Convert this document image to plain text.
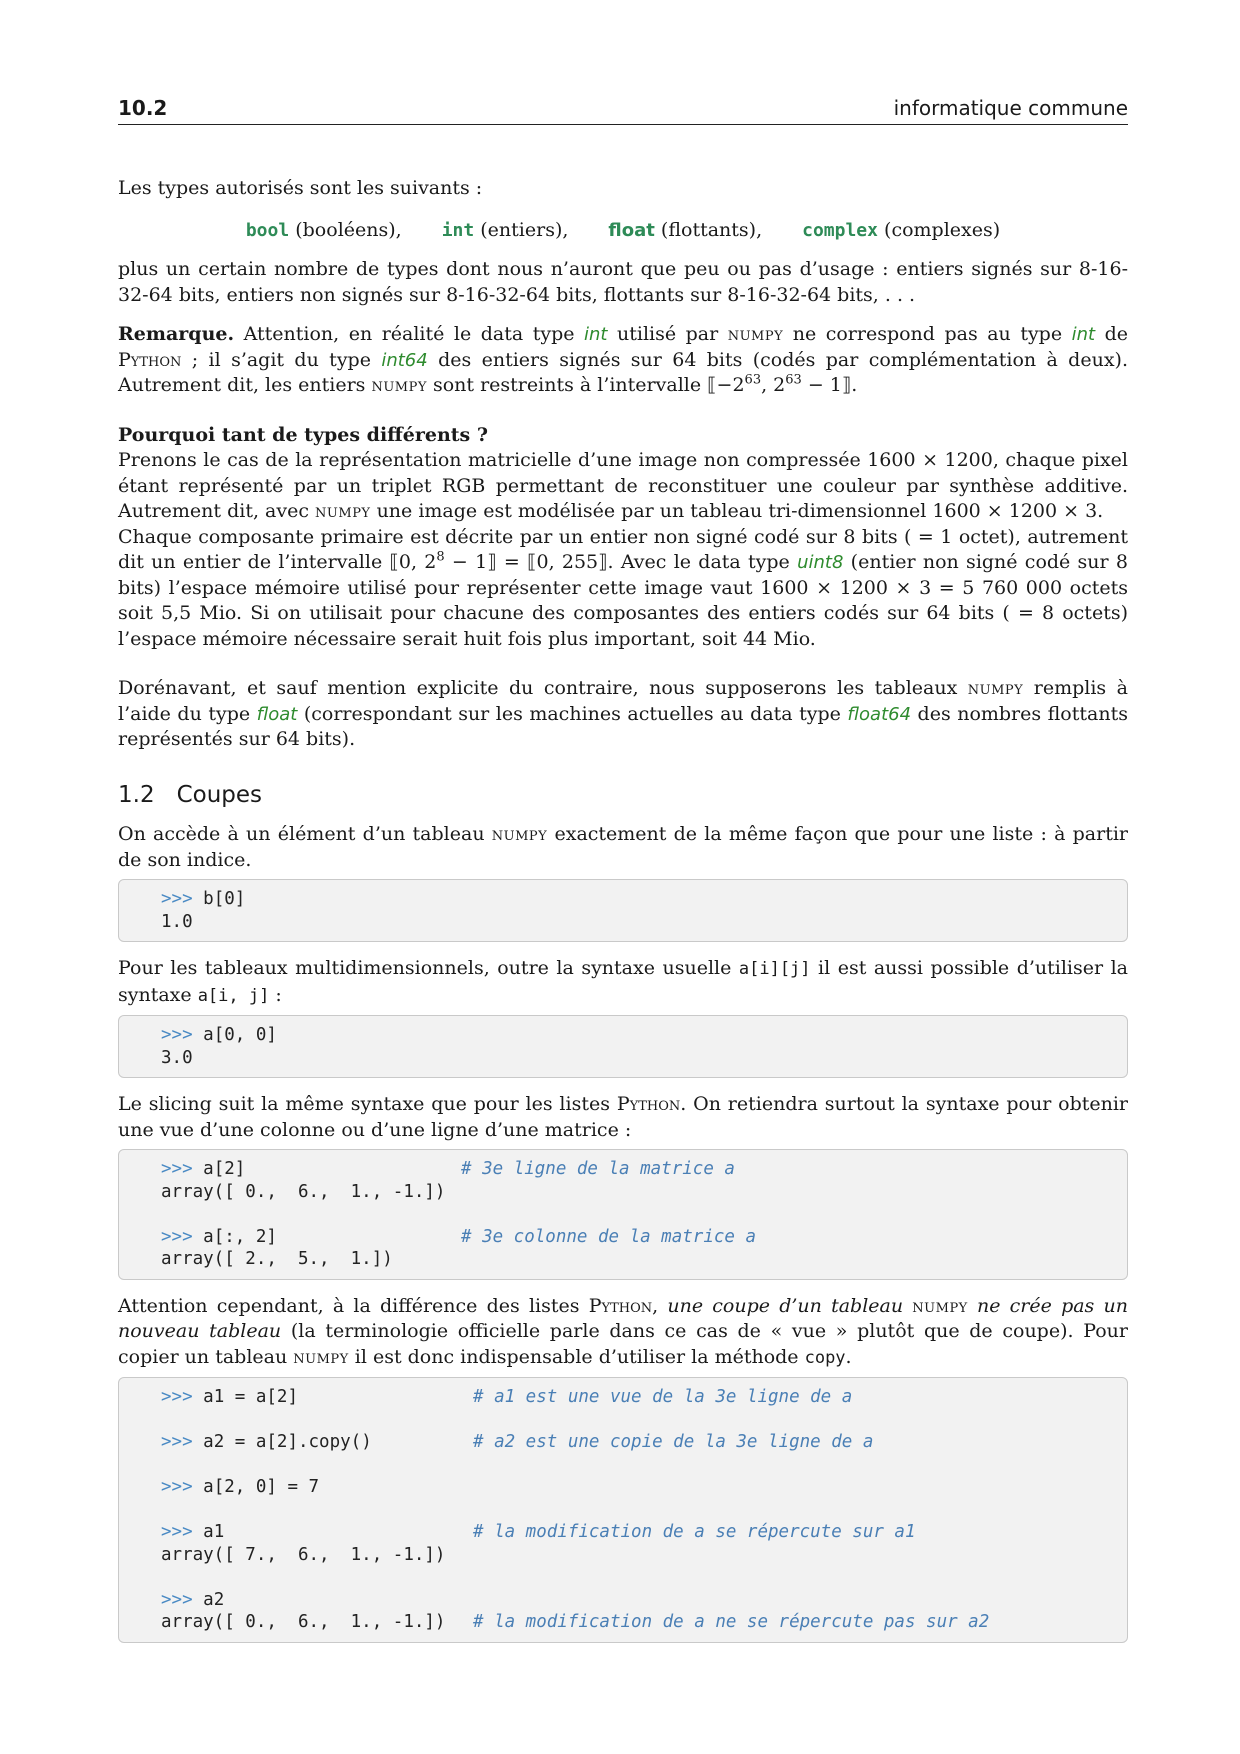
10.2	informatique commune

Les types autorisés sont les suivants :

bool (booléens), int (entiers), float (flottants), complex (complexes)

plus un certain nombre de types dont nous n’auront que peu ou pas d’usage : entiers signés sur 8-16-32-64 bits, entiers non signés sur 8-16-32-64 bits, flottants sur 8-16-32-64 bits, . . .

Remarque. Attention, en réalité le data type int utilisé par numpy ne correspond pas au type int de Python ; il s’agit du type int64 des entiers signés sur 64 bits (codés par complémentation à deux). Autrement dit, les entiers numpy sont restreints à l’intervalle $⟦-2^{63}$, $2^{63}$ − 1⟧.

Pourquoi tant de types différents ?

Prenons le cas de la représentation matricielle d’une image non compressée 1600 × 1200, chaque pixel étant représenté par un triplet RGB permettant de reconstituer une couleur par synthèse additive. Autrement dit, avec numpy une image est modélisée par un tableau tri-dimensionnel 1600 × 1200 × 3.

Chaque composante primaire est décrite par un entier non signé codé sur 8 bits ( = 1 octet), autrement dit un entier de l’intervalle ⟦0, $2^8$ − 1⟧ = ⟦0, 255⟧. Avec le data type uint8 (entier non signé codé sur 8 bits) l’espace mémoire utilisé pour représenter cette image vaut 1600 × 1200 × 3 = 5 760 000 octets soit 5,5 Mio. Si on utilisait pour chacune des composantes des entiers codés sur 64 bits ( = 8 octets) l’espace mémoire nécessaire serait huit fois plus important, soit 44 Mio.

Dorénavant, et sauf mention explicite du contraire, nous supposerons les tableaux numpy remplis à l’aide du type float (correspondant sur les machines actuelles au data type float64 des nombres flottants représentés sur 64 bits).

1.2 Coupes

On accède à un élément d’un tableau numpy exactement de la même façon que pour une liste : à partir de son indice.

>>> b[0]
1.0

Pour les tableaux multidimensionnels, outre la syntaxe usuelle a[i][j] il est aussi possible d’utiliser la syntaxe a[i, j] :

>>> a[0, 0]
3.0

Le slicing suit la même syntaxe que pour les listes Python. On retiendra surtout la syntaxe pour obtenir une vue d’une colonne ou d’une ligne d’une matrice :

>>> a[2]	# 3e ligne de la matrice a
array([ 0.,  6.,  1., -1.])
>>> a[:, 2]	# 3e colonne de la matrice a
array([ 2.,  5.,  1.])

Attention cependant, à la différence des listes Python, une coupe d’un tableau numpy ne crée pas un nouveau tableau (la terminologie officielle parle dans ce cas de « vue » plutôt que de coupe). Pour copier un tableau numpy il est donc indispensable d’utiliser la méthode copy.

>>> a1 = a[2]	# a1 est une vue de la 3e ligne de a
>>> a2 = a[2].copy()	# a2 est une copie de la 3e ligne de a
>>> a[2, 0] = 7
>>> a1	# la modification de a se répercute sur a1
array([ 7.,  6.,  1., -1.])
>>> a2
array([ 0.,  6.,  1., -1.]) # la modification de a ne se répercute pas sur a2
